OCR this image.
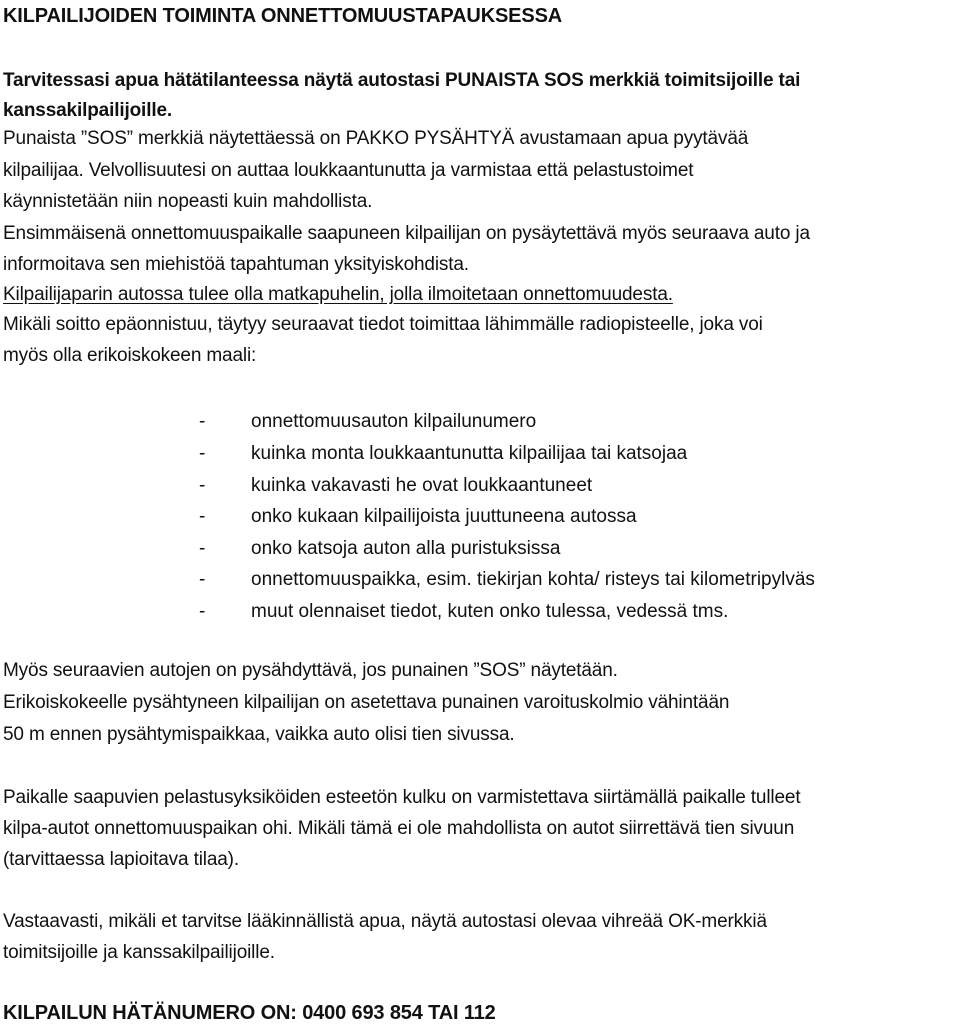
KILPAILIJOIDEN TOIMINTA ONNETTOMUUSTAPAUKSESSA
Tarvitessasi apua hätätilanteessa näytä autostasi PUNAISTA SOS merkkiä toimitsijoille tai
kanssakilpailijoille.
Punaista ”SOS” merkkiä näytettäessä on PAKKO PYSÄHTYÄ avustamaan apua pyytävää
kilpailijaa. Velvollisuutesi on auttaa loukkaantunutta ja varmistaa että pelastustoimet
käynnistetään niin nopeasti kuin mahdollista.
Ensimmäisenä onnettomuuspaikalle saapuneen kilpailijan on pysäytettävä myös seuraava auto ja
informoitava sen miehistöä tapahtuman yksityiskohdista.
Kilpailijaparin autossa tulee olla matkapuhelin, jolla ilmoitetaan onnettomuudesta.
Mikäli soitto epäonnistuu, täytyy seuraavat tiedot toimittaa lähimmälle radiopisteelle, joka voi
myös olla erikoiskokeen maali:
- onnettomuusauton kilpailunumero
- kuinka monta loukkaantunutta kilpailijaa tai katsojaa
- kuinka vakavasti he ovat loukkaantuneet
- onko kukaan kilpailijoista juuttuneena autossa
- onko katsoja auton alla puristuksissa
- onnettomuuspaikka, esim. tiekirjan kohta/ risteys tai kilometripylväs
- muut olennaiset tiedot, kuten onko tulessa, vedessä tms.
Myös seuraavien autojen on pysähdyttävä, jos punainen ”SOS” näytetään.
Erikoiskokeelle pysähtyneen kilpailijan on asetettava punainen varoituskolmio vähintään
50 m ennen pysähtymispaikkaa, vaikka auto olisi tien sivussa.
Paikalle saapuvien pelastusyksiköiden esteetön kulku on varmistettava siirtämällä paikalle tulleet
kilpa-autot onnettomuuspaikan ohi. Mikäli tämä ei ole mahdollista on autot siirrettävä tien sivuun
(tarvittaessa lapioitava tilaa).
Vastaavasti, mikäli et tarvitse lääkinnällistä apua, näytä autostasi olevaa vihreää OK-merkkiä
toimitsijoille ja kanssakilpailijoille.
KILPAILUN HÄTÄNUMERO ON: 0400 693 854 TAI 112
